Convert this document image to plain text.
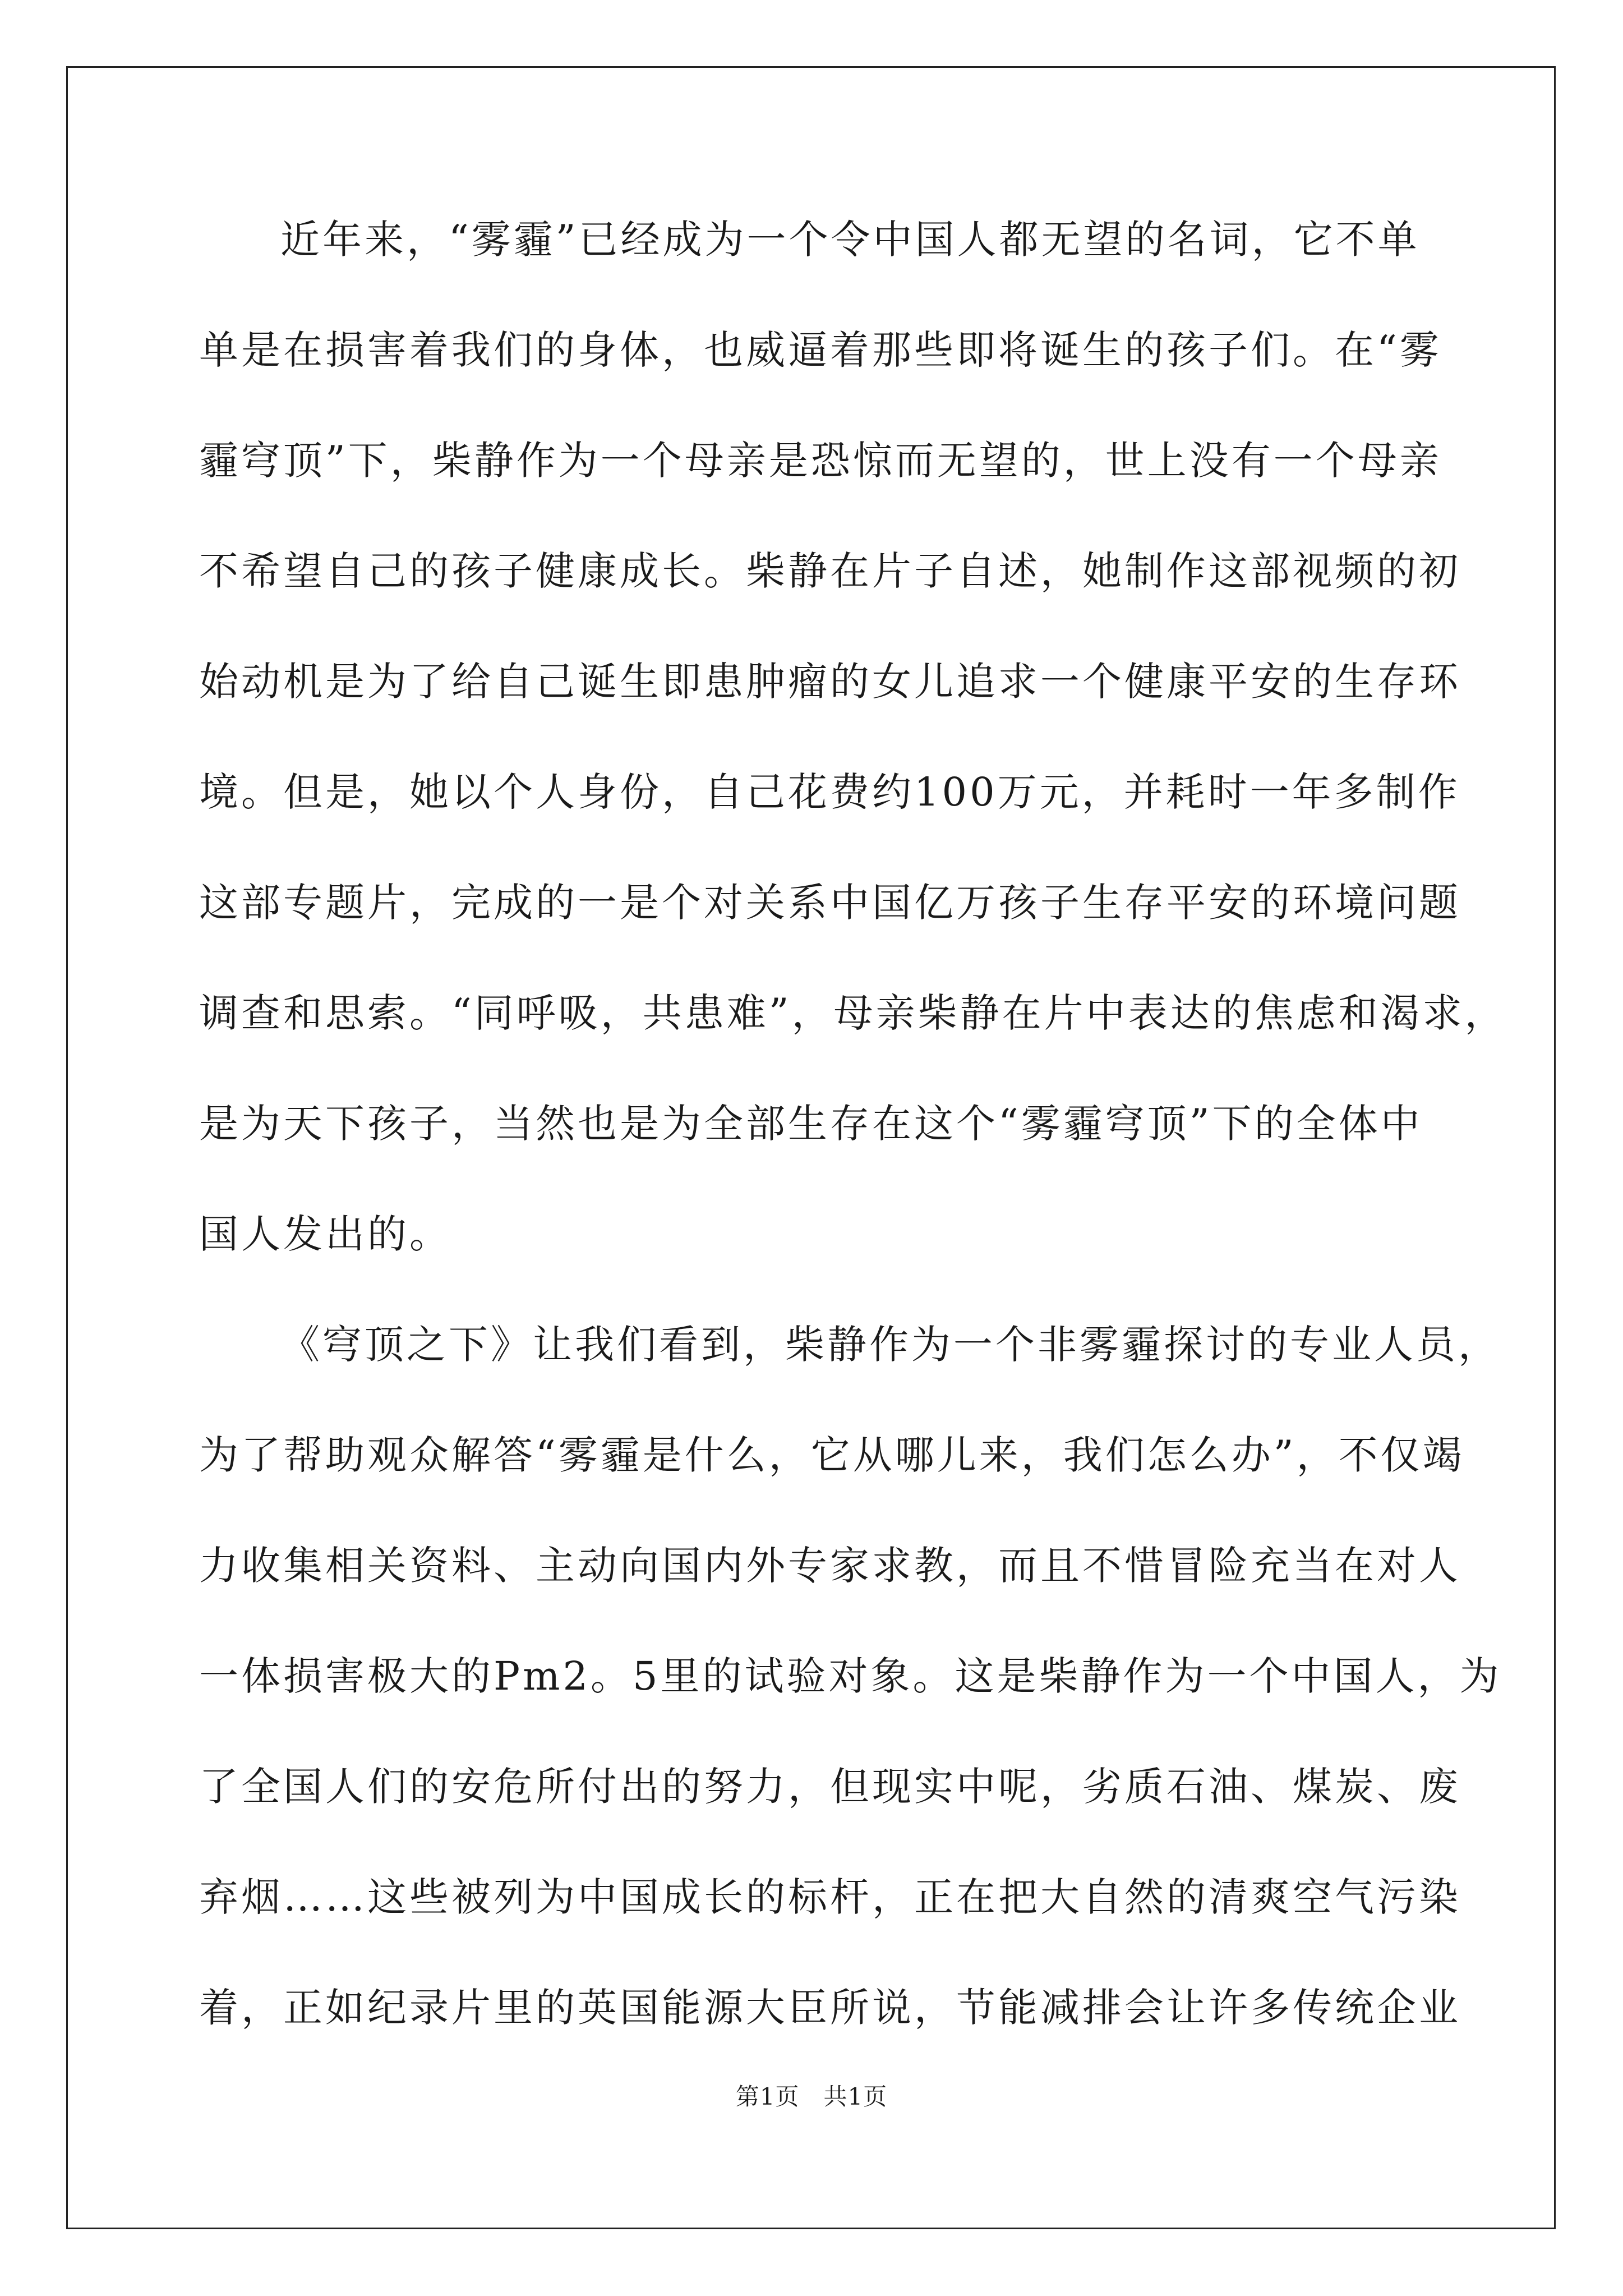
近年来，“雾霾”已经成为一个令中国人都无望的名词，它不单
单是在损害着我们的身体，也威逼着那些即将诞生的孩子们。在“雾
霾穹顶”下，柴静作为一个母亲是恐惊而无望的，世上没有一个母亲
不希望自己的孩子健康成长。柴静在片子自述，她制作这部视频的初
始动机是为了给自己诞生即患肿瘤的女儿追求一个健康平安的生存环
境。但是，她以个人身份，自己花费约100万元，并耗时一年多制作
这部专题片，完成的一是个对关系中国亿万孩子生存平安的环境问题
调查和思索。“同呼吸，共患难”，母亲柴静在片中表达的焦虑和渴求，
是为天下孩子，当然也是为全部生存在这个“雾霾穹顶”下的全体中
国人发出的。
《穹顶之下》让我们看到，柴静作为一个非雾霾探讨的专业人员，
为了帮助观众解答“雾霾是什么，它从哪儿来，我们怎么办”，不仅竭
力收集相关资料、主动向国内外专家求教，而且不惜冒险充当在对人
一体损害极大的Pm2。5里的试验对象。这是柴静作为一个中国人，为
了全国人们的安危所付出的努力，但现实中呢，劣质石油、煤炭、废
弃烟……这些被列为中国成长的标杆，正在把大自然的清爽空气污染
着，正如纪录片里的英国能源大臣所说，节能减排会让许多传统企业
第1页　共1页
